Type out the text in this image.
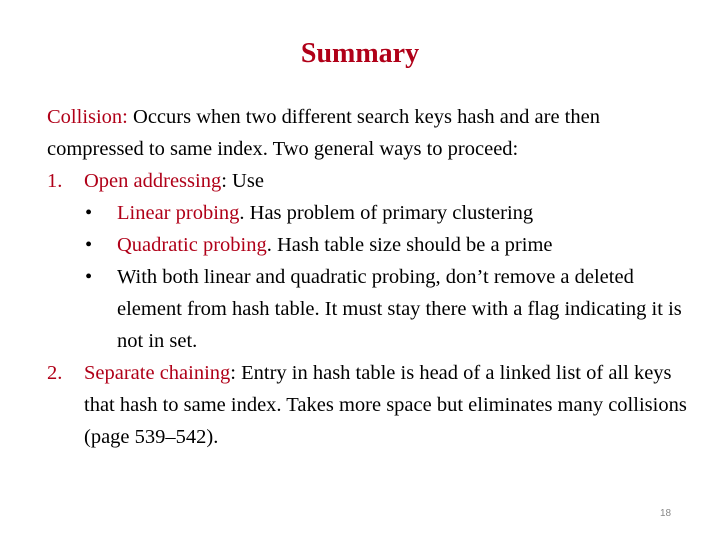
Summary
Collision: Occurs when two different search keys hash and are then compressed to same index. Two general ways to proceed:
1. Open addressing: Use
• Linear probing. Has problem of primary clustering
• Quadratic probing. Hash table size should be a prime
• With both linear and quadratic probing, don’t remove a deleted element from hash table. It must stay there with a flag indicating it is not in set.
2. Separate chaining: Entry in hash table is head of a linked list of all keys that hash to same index. Takes more space but eliminates many collisions (page 539–542).
18
